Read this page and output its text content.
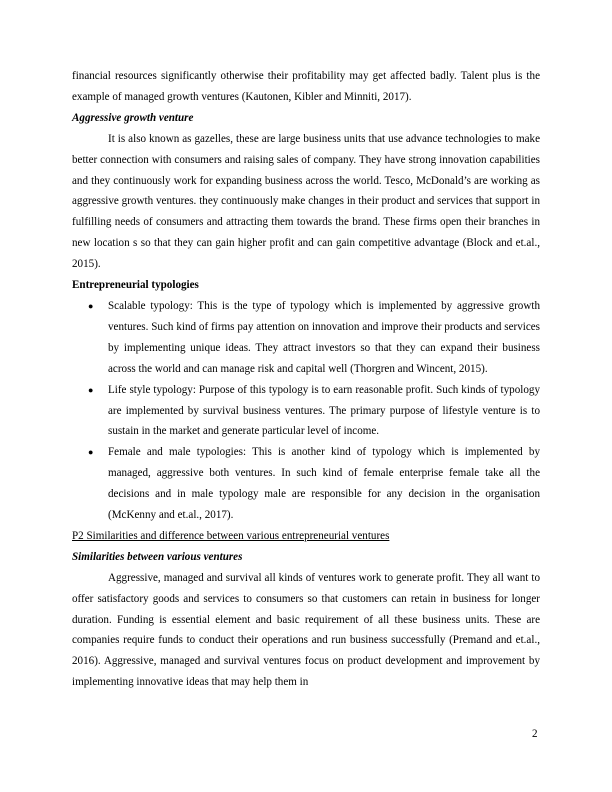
financial resources significantly otherwise their profitability may get affected badly. Talent plus is the example of managed growth ventures (Kautonen, Kibler and Minniti, 2017).

Aggressive growth venture

It is also known as gazelles, these are large business units that use advance technologies to make better connection with consumers and raising sales of company. They have strong innovation capabilities and they continuously work for expanding business across the world. Tesco, McDonald’s are working as aggressive growth ventures. they continuously make changes in their product and services that support in fulfilling needs of consumers and attracting them towards the brand. These firms open their branches in new location s so that they can gain higher profit and can gain competitive advantage (Block and et.al., 2015).

Entrepreneurial typologies

● Scalable typology: This is the type of typology which is implemented by aggressive growth ventures. Such kind of firms pay attention on innovation and improve their products and services by implementing unique ideas. They attract investors so that they can expand their business across the world and can manage risk and capital well (Thorgren and Wincent, 2015).
● Life style typology: Purpose of this typology is to earn reasonable profit. Such kinds of typology are implemented by survival business ventures. The primary purpose of lifestyle venture is to sustain in the market and generate particular level of income.
● Female and male typologies: This is another kind of typology which is implemented by managed, aggressive both ventures. In such kind of female enterprise female take all the decisions and in male typology male are responsible for any decision in the organisation (McKenny and et.al., 2017).

P2 Similarities and difference between various entrepreneurial ventures

Similarities between various ventures

Aggressive, managed and survival all kinds of ventures work to generate profit. They all want to offer satisfactory goods and services to consumers so that customers can retain in business for longer duration. Funding is essential element and basic requirement of all these business units. These are companies require funds to conduct their operations and run business successfully (Premand and et.al., 2016). Aggressive, managed and survival ventures focus on product development and improvement by implementing innovative ideas that may help them in

2
